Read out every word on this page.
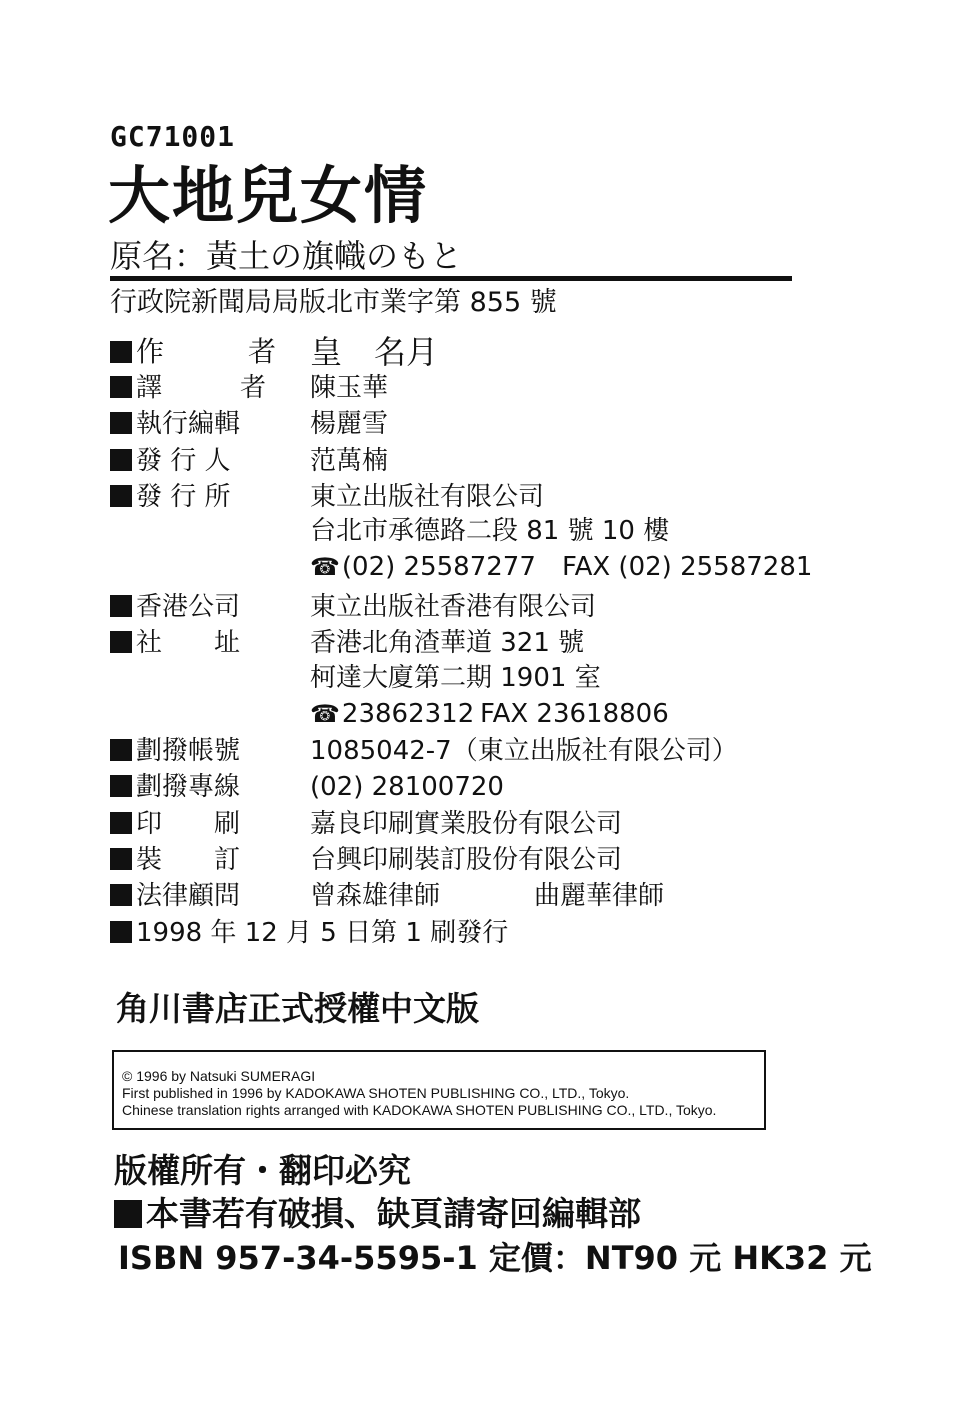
GC71001
大地兒女情
原名：黃土の旗幟のもと
行政院新聞局局版北市業字第 855 號
作　　　者 皇　名月
譯　　　者 陳玉華
執行編輯	楊麗雪
發 行 人	范萬楠
發 行 所	東立出版社有限公司
台北市承德路二段 81 號 10 樓
☎(02) 25587277 FAX (02) 25587281
香港公司	東立出版社香港有限公司
社　　址	香港北角渣華道 321 號
柯達大廈第二期 1901 室
☎23862312 FAX 23618806
劃撥帳號	1085042-7（東立出版社有限公司）
劃撥專線	(02) 28100720
印　　刷	嘉良印刷實業股份有限公司
裝　　訂	台興印刷裝訂股份有限公司
法律顧問	曾森雄律師	曲麗華律師
1998 年 12 月 5 日第 1 刷發行
角川書店正式授權中文版
© 1996 by Natsuki SUMERAGI
First published in 1996 by KADOKAWA SHOTEN PUBLISHING CO., LTD., Tokyo.
Chinese translation rights arranged with KADOKAWA SHOTEN PUBLISHING CO., LTD., Tokyo.
版權所有・翻印必究
本書若有破損、缺頁請寄回編輯部
ISBN 957-34-5595-1 定價：NT90 元 HK32 元
